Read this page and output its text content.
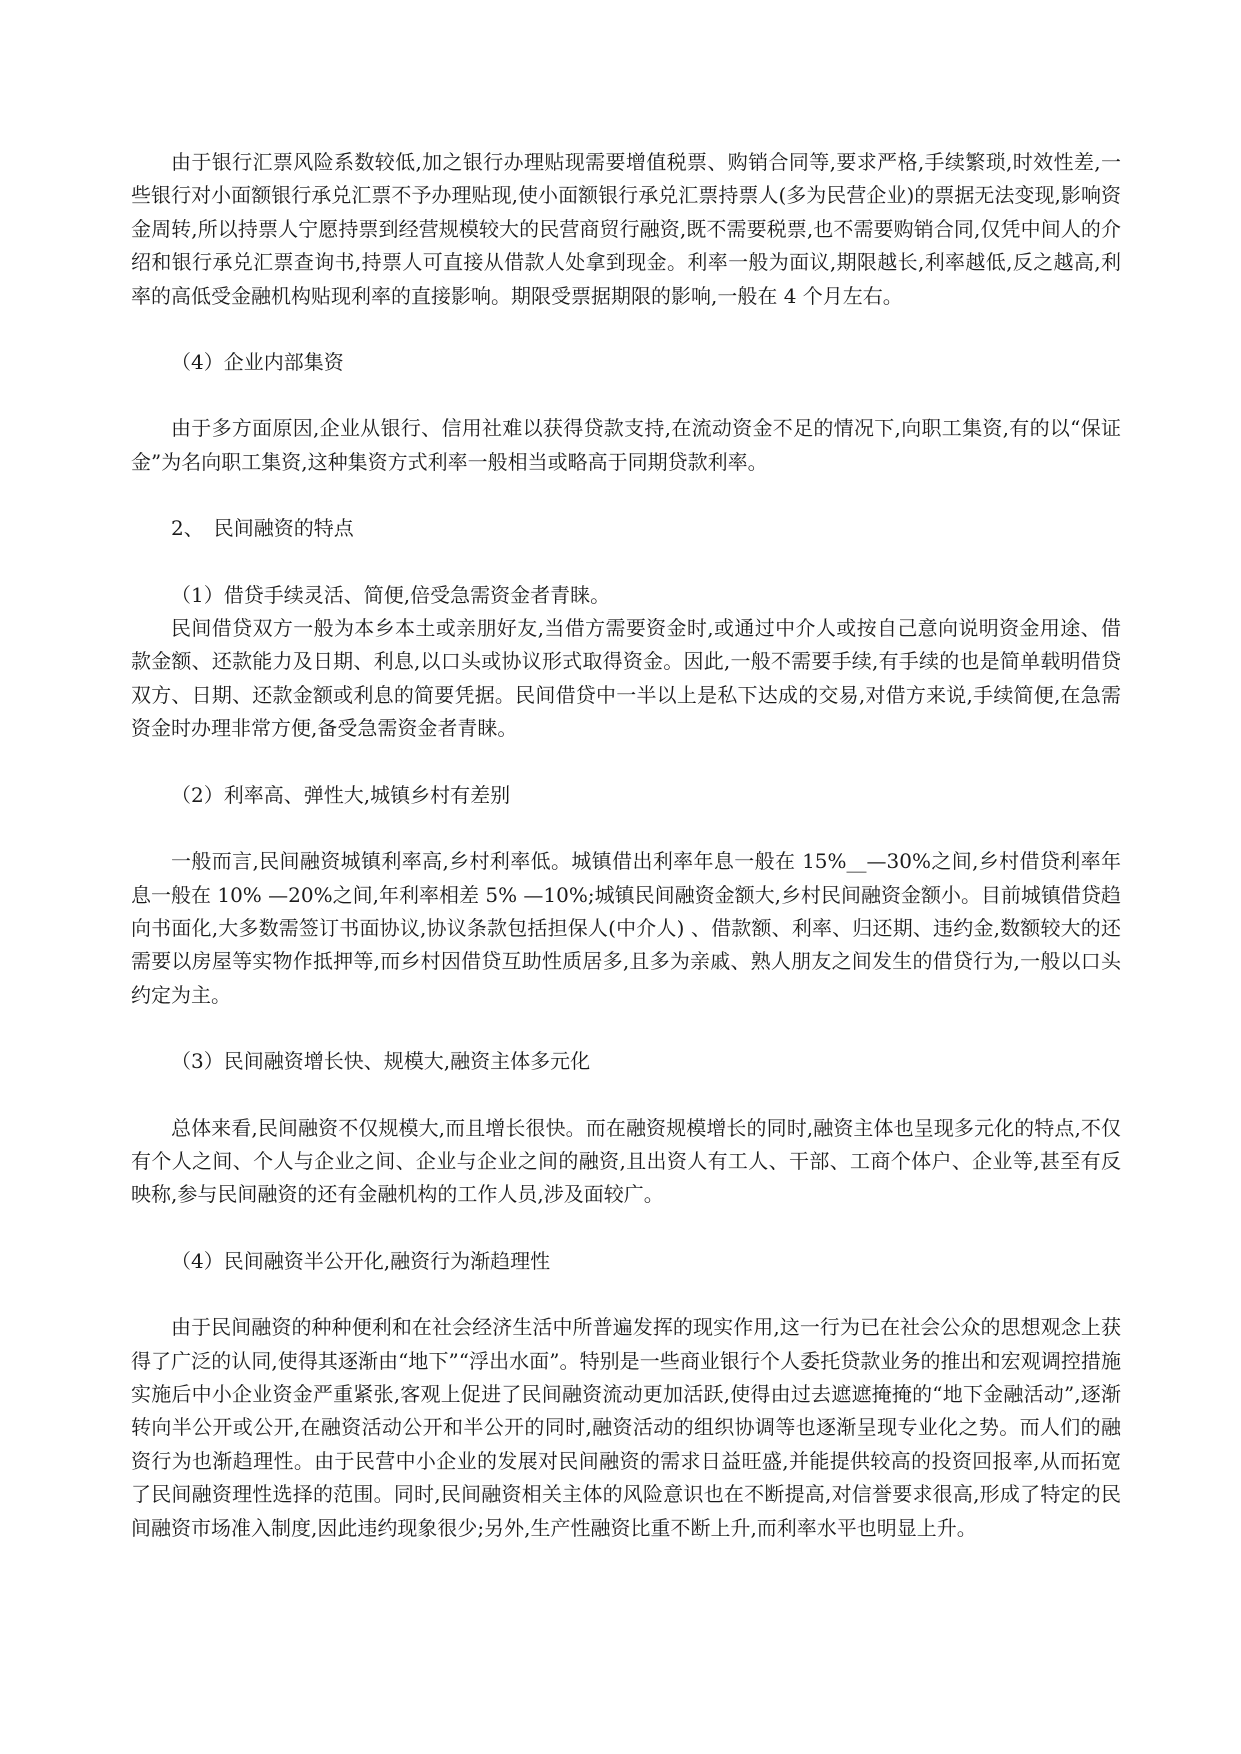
由于银行汇票风险系数较低,加之银行办理贴现需要增值税票、购销合同等,要求严格,手续繁琐,时效性差,一些银行对小面额银行承兑汇票不予办理贴现,使小面额银行承兑汇票持票人(多为民营企业)的票据无法变现,影响资金周转,所以持票人宁愿持票到经营规模较大的民营商贸行融资,既不需要税票,也不需要购销合同,仅凭中间人的介绍和银行承兑汇票查询书,持票人可直接从借款人处拿到现金。利率一般为面议,期限越长,利率越低,反之越高,利率的高低受金融机构贴现利率的直接影响。期限受票据期限的影响,一般在 4 个月左右。

（4）企业内部集资

由于多方面原因,企业从银行、信用社难以获得贷款支持,在流动资金不足的情况下,向职工集资,有的以“保证金”为名向职工集资,这种集资方式利率一般相当或略高于同期贷款利率。

2、　民间融资的特点

（1）借贷手续灵活、简便,倍受急需资金者青睐。

民间借贷双方一般为本乡本土或亲朋好友,当借方需要资金时,或通过中介人或按自己意向说明资金用途、借款金额、还款能力及日期、利息,以口头或协议形式取得资金。因此,一般不需要手续,有手续的也是简单载明借贷双方、日期、还款金额或利息的简要凭据。民间借贷中一半以上是私下达成的交易,对借方来说,手续简便,在急需资金时办理非常方便,备受急需资金者青睐。

（2）利率高、弹性大,城镇乡村有差别

一般而言,民间融资城镇利率高,乡村利率低。城镇借出利率年息一般在 15%__—30%之间,乡村借贷利率年息一般在 10% —20%之间,年利率相差 5% —10%;城镇民间融资金额大,乡村民间融资金额小。目前城镇借贷趋向书面化,大多数需签订书面协议,协议条款包括担保人(中介人) 、借款额、利率、归还期、违约金,数额较大的还需要以房屋等实物作抵押等,而乡村因借贷互助性质居多,且多为亲戚、熟人朋友之间发生的借贷行为,一般以口头约定为主。

（3）民间融资增长快、规模大,融资主体多元化

总体来看,民间融资不仅规模大,而且增长很快。而在融资规模增长的同时,融资主体也呈现多元化的特点,不仅有个人之间、个人与企业之间、企业与企业之间的融资,且出资人有工人、干部、工商个体户、企业等,甚至有反映称,参与民间融资的还有金融机构的工作人员,涉及面较广。

（4）民间融资半公开化,融资行为渐趋理性

由于民间融资的种种便利和在社会经济生活中所普遍发挥的现实作用,这一行为已在社会公众的思想观念上获得了广泛的认同,使得其逐渐由“地下”“浮出水面”。特别是一些商业银行个人委托贷款业务的推出和宏观调控措施实施后中小企业资金严重紧张,客观上促进了民间融资流动更加活跃,使得由过去遮遮掩掩的“地下金融活动”,逐渐转向半公开或公开,在融资活动公开和半公开的同时,融资活动的组织协调等也逐渐呈现专业化之势。而人们的融资行为也渐趋理性。由于民营中小企业的发展对民间融资的需求日益旺盛,并能提供较高的投资回报率,从而拓宽了民间融资理性选择的范围。同时,民间融资相关主体的风险意识也在不断提高,对信誉要求很高,形成了特定的民间融资市场准入制度,因此违约现象很少;另外,生产性融资比重不断上升,而利率水平也明显上升。
